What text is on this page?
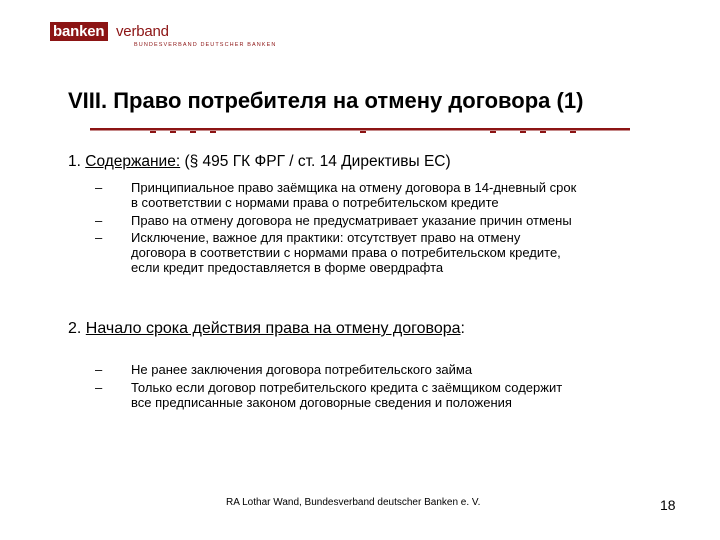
banken verband
BUNDESVERBAND DEUTSCHER BANKEN
VIII. Право потребителя на отмену договора (1)
1. Содержание: (§ 495 ГК ФРГ / ст. 14 Директивы ЕС)
–	Принципиальное право заёмщика на отмену договора в 14-дневный срок
в соответствии с нормами права о потребительском кредите
–	Право на отмену договора не предусматривает указание причин отмены
–	Исключение, важное для практики: отсутствует право на отмену
договора в соответствии с нормами права о потребительском кредите,
если кредит предоставляется в форме овердрафта
2. Начало срока действия права на отмену договора:
–	Не ранее заключения договора потребительского займа
–	Только если договор потребительского кредита с заёмщиком содержит
все предписанные законом договорные сведения и положения
RA Lothar Wand, Bundesverband deutscher Banken e. V.	18
